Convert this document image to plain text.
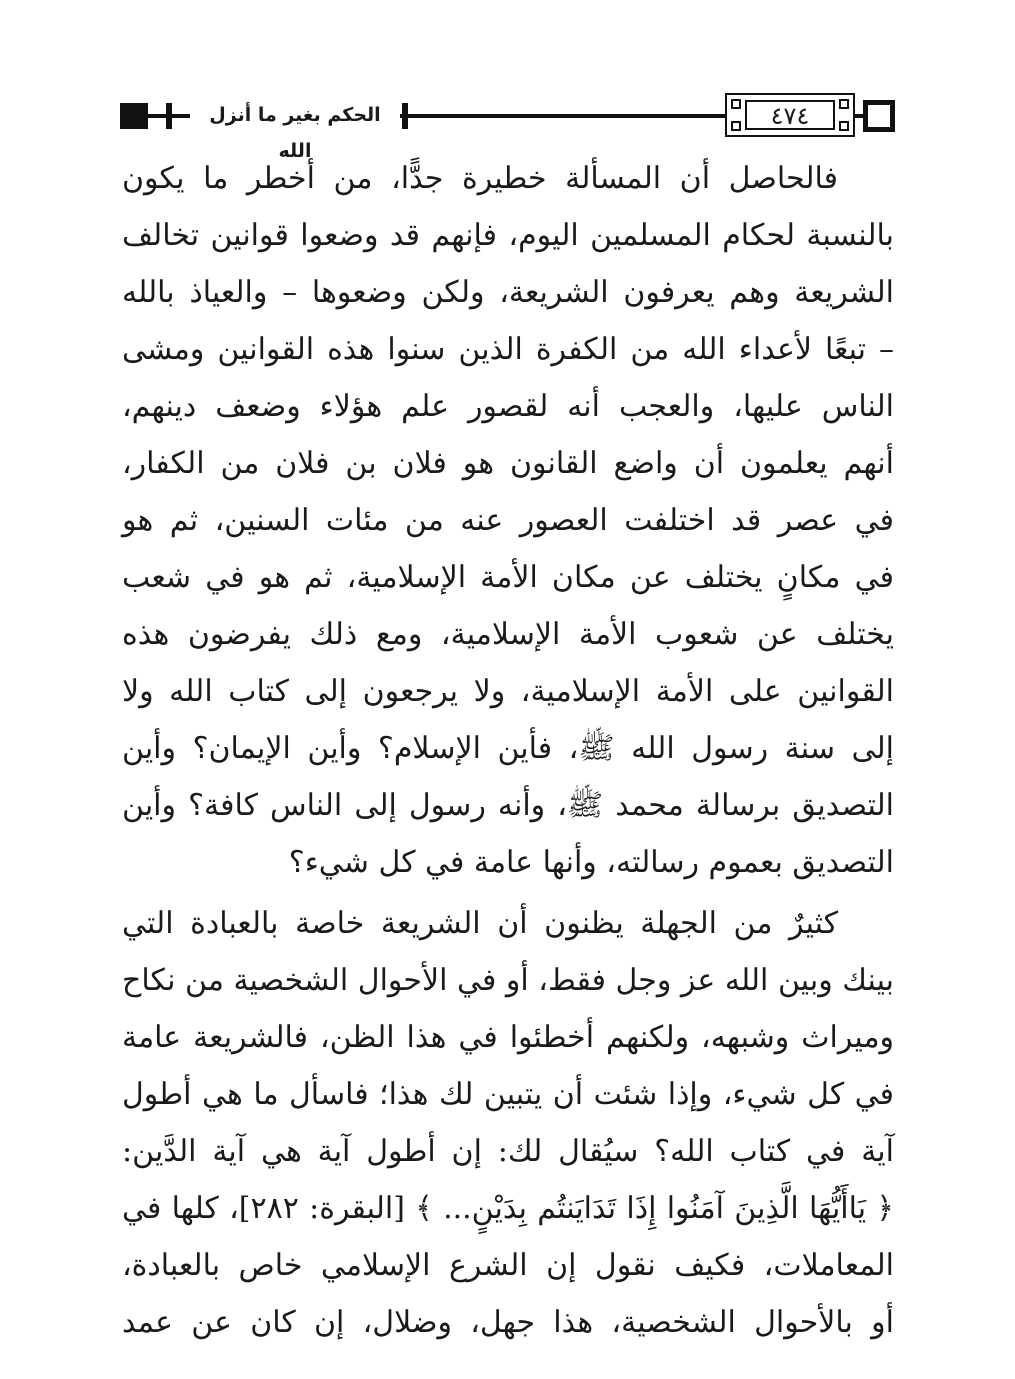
الحكم بغير ما أنزل الله
٤٧٤
فالحاصل أن المسألة خطيرة جدًّا، من أخطر ما يكون
بالنسبة لحكام المسلمين اليوم، فإنهم قد وضعوا قوانين تخالف
الشريعة وهم يعرفون الشريعة، ولكن وضعوها – والعياذ بالله
– تبعًا لأعداء الله من الكفرة الذين سنوا هذه القوانين ومشى
الناس عليها، والعجب أنه لقصور علم هؤلاء وضعف دينهم،
أنهم يعلمون أن واضع القانون هو فلان بن فلان من الكفار،
في عصر قد اختلفت العصور عنه من مئات السنين، ثم هو
في مكانٍ يختلف عن مكان الأمة الإسلامية، ثم هو في شعب
يختلف عن شعوب الأمة الإسلامية، ومع ذلك يفرضون هذه
القوانين على الأمة الإسلامية، ولا يرجعون إلى كتاب الله ولا
إلى سنة رسول الله ﷺ، فأين الإسلام؟ وأين الإيمان؟ وأين
التصديق برسالة محمد ﷺ، وأنه رسول إلى الناس كافة؟ وأين
التصديق بعموم رسالته، وأنها عامة في كل شيء؟
كثيرٌ من الجهلة يظنون أن الشريعة خاصة بالعبادة التي
بينك وبين الله عز وجل فقط، أو في الأحوال الشخصية من نكاح
وميراث وشبهه، ولكنهم أخطئوا في هذا الظن، فالشريعة عامة
في كل شيء، وإذا شئت أن يتبين لك هذا؛ فاسأل ما هي أطول
آية في كتاب الله؟ سيُقال لك: إن أطول آية هي آية الدَّين:
﴿ يَاأَيُّهَا الَّذِينَ آمَنُوا إِذَا تَدَايَنتُم بِدَيْنٍ... ﴾ [البقرة: ٢٨٢]، كلها في
المعاملات، فكيف نقول إن الشرع الإسلامي خاص بالعبادة،
أو بالأحوال الشخصية، هذا جهل، وضلال، إن كان عن عمد
